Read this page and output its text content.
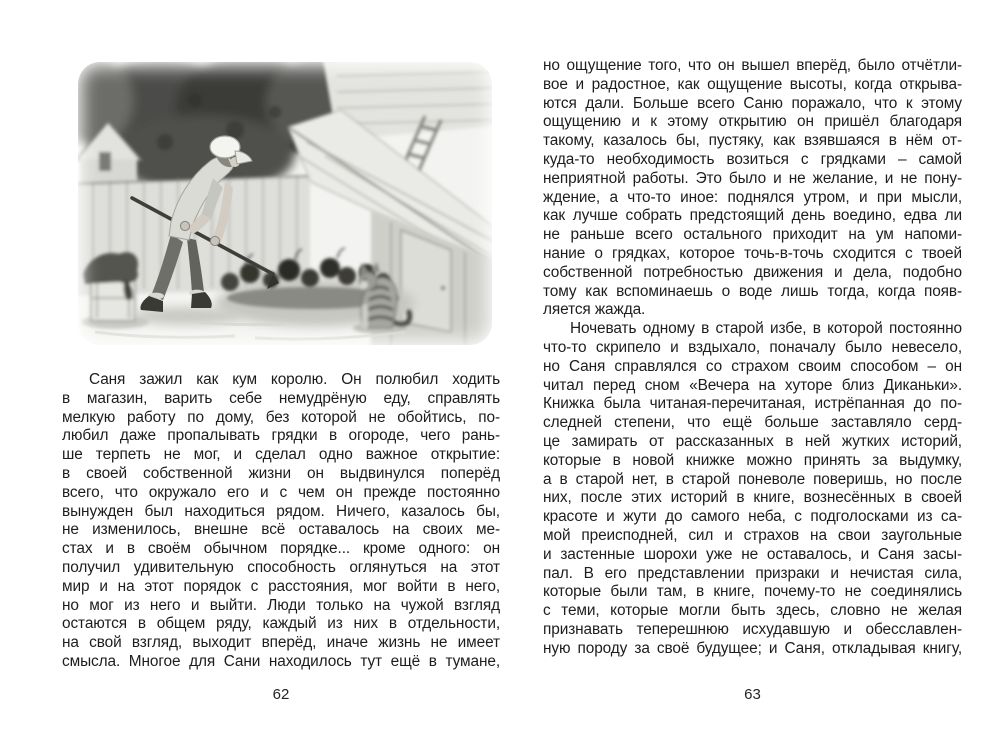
Саня зажил как кум королю. Он полюбил ходить
в магазин, варить себе немудрёную еду, справлять
мелкую работу по дому, без которой не обойтись, по-
любил даже пропалывать грядки в огороде, чего рань-
ше терпеть не мог, и сделал одно важное открытие:
в своей собственной жизни он выдвинулся поперёд
всего, что окружало его и с чем он прежде постоянно
вынужден был находиться рядом. Ничего, казалось бы,
не изменилось, внешне всё оставалось на своих ме-
стах и в своём обычном порядке... кроме одного: он
получил удивительную способность оглянуться на этот
мир и на этот порядок с расстояния, мог войти в него,
но мог из него и выйти. Люди только на чужой взгляд
остаются в общем ряду, каждый из них в отдельности,
на свой взгляд, выходит вперёд, иначе жизнь не имеет
смысла. Многое для Сани находилось тут ещё в тумане,
62
но ощущение того, что он вышел вперёд, было отчётли-
вое и радостное, как ощущение высоты, когда открыва-
ются дали. Больше всего Саню поражало, что к этому
ощущению и к этому открытию он пришёл благодаря
такому, казалось бы, пустяку, как взявшаяся в нём от-
куда-то необходимость возиться с грядками – самой
неприятной работы. Это было и не желание, и не пону-
ждение, а что-то иное: поднялся утром, и при мысли,
как лучше собрать предстоящий день воедино, едва ли
не раньше всего остального приходит на ум напоми-
нание о грядках, которое точь-в-точь сходится с твоей
собственной потребностью движения и дела, подобно
тому как вспоминаешь о воде лишь тогда, когда появ-
ляется жажда.
Ночевать одному в старой избе, в которой постоянно
что-то скрипело и вздыхало, поначалу было невесело,
но Саня справлялся со страхом своим способом – он
читал перед сном «Вечера на хуторе близ Диканьки».
Книжка была читаная-перечитаная, истрёпанная до по-
следней степени, что ещё больше заставляло серд-
це замирать от рассказанных в ней жутких историй,
которые в новой книжке можно принять за выдумку,
а в старой нет, в старой поневоле поверишь, но после
них, после этих историй в книге, вознесённых в своей
красоте и жути до самого неба, с подголосками из са-
мой преисподней, сил и страхов на свои заугольные
и застенные шорохи уже не оставалось, и Саня засы-
пал. В его представлении призраки и нечистая сила,
которые были там, в книге, почему-то не соединялись
с теми, которые могли быть здесь, словно не желая
признавать теперешнюю исхудавшую и обесславлен-
ную породу за своё будущее; и Саня, откладывая книгу,
63
